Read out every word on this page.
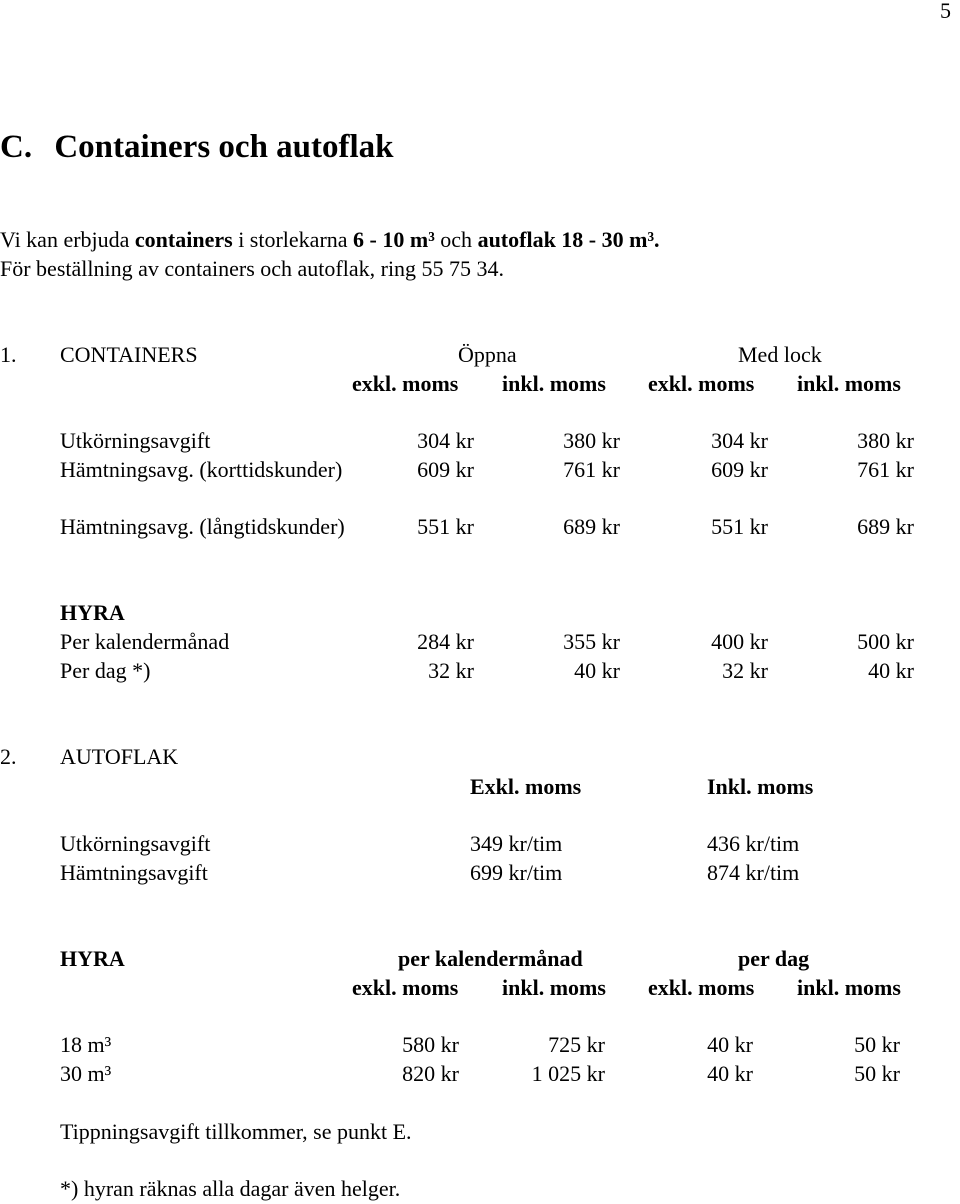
5
C. Containers och autoflak
Vi kan erbjuda containers i storlekarna 6 - 10 m³ och autoflak 18 - 30 m³.
För beställning av containers och autoflak, ring 55 75 34.
1. CONTAINERS	Öppna	Med lock
exkl. moms inkl. moms exkl. moms inkl. moms
Utkörningsavgift	304 kr	380 kr	304 kr	380 kr
Hämtningsavg. (korttidskunder)	609 kr	761 kr	609 kr	761 kr
Hämtningsavg. (långtidskunder)	551 kr	689 kr	551 kr	689 kr
HYRA
Per kalendermånad	284 kr	355 kr	400 kr	500 kr
Per dag *)	32 kr	40 kr	32 kr	40 kr
2. AUTOFLAK
Exkl. moms	Inkl. moms
Utkörningsavgift	349 kr/tim	436 kr/tim
Hämtningsavgift	699 kr/tim	874 kr/tim
HYRA	per kalendermånad	per dag
exkl. moms inkl. moms exkl. moms inkl. moms
18 m³	580 kr	725 kr	40 kr	50 kr
30 m³	820 kr	1 025 kr	40 kr	50 kr
Tippningsavgift tillkommer, se punkt E.
*) hyran räknas alla dagar även helger.
